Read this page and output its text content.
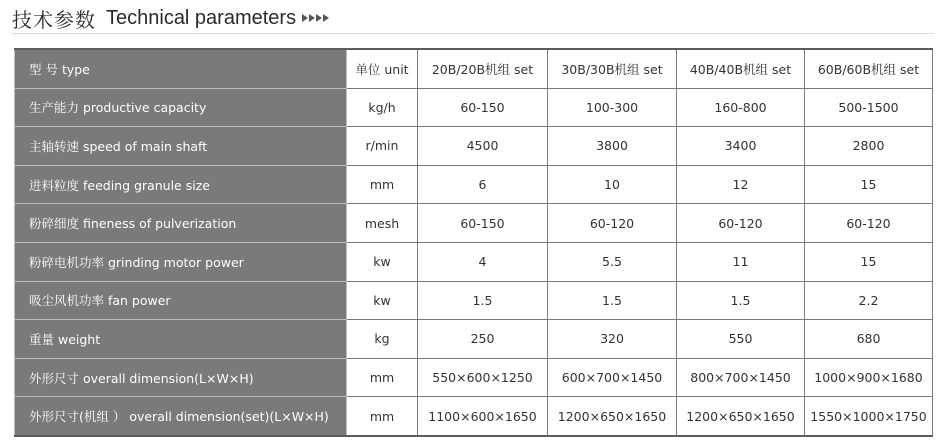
技术参数 Technical parameters
型 号 type	单位 unit	20B/20B机组 set	30B/30B机组 set	40B/40B机组 set	60B/60B机组 set
生产能力 productive capacity	kg/h	60-150	100-300	160-800	500-1500
主轴转速 speed of main shaft	r/min	4500	3800	3400	2800
进料粒度 feeding granule size	mm	6	10	12	15
粉碎细度 fineness of pulverization	mesh	60-150	60-120	60-120	60-120
粉碎电机功率 grinding motor power	kw	4	5.5	11	15
吸尘风机功率 fan power	kw	1.5	1.5	1.5	2.2
重量 weight	kg	250	320	550	680
外形尺寸 overall dimension(L×W×H)	mm	550×600×1250	600×700×1450	800×700×1450	1000×900×1680
外形尺寸(机组 ） overall dimension(set)(L×W×H)	mm	1100×600×1650	1200×650×1650	1200×650×1650	1550×1000×1750
